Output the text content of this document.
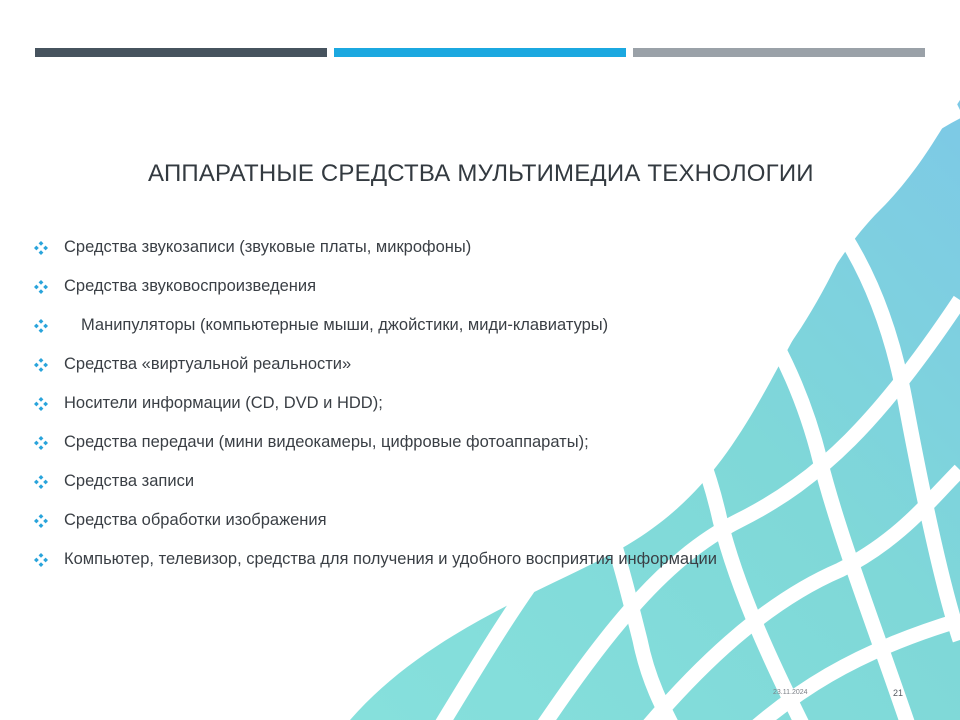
АППАРАТНЫЕ СРЕДСТВА МУЛЬТИМЕДИА ТЕХНОЛОГИИ
Средства звукозаписи (звуковые платы, микрофоны)
Средства звуковоспроизведения
Манипуляторы (компьютерные мыши, джойстики, миди-клавиатуры)
Средства «виртуальной реальности»
Носители информации (CD, DVD и HDD);
Средства передачи (мини видеокамеры, цифровые фотоаппараты);
Средства записи
Средства обработки изображения
Компьютер, телевизор, средства для получения и удобного восприятия информации
23.11.2024	21
